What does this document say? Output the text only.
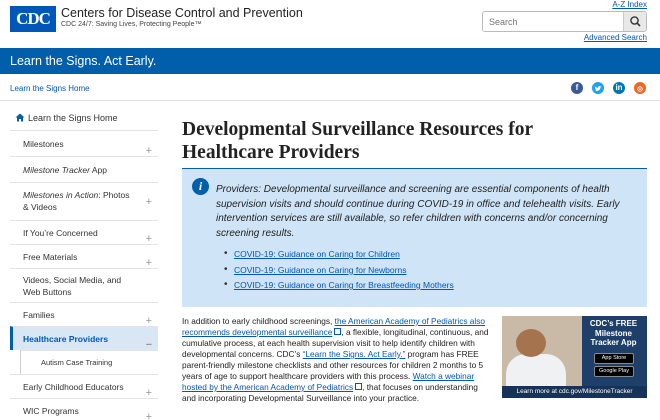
CDC Centers for Disease Control and Prevention
CDC 24/7: Saving Lives, Protecting People™
A-Z Index
Search
Advanced Search
Learn the Signs. Act Early.
Learn the Signs Home	f	in
Learn the Signs Home
Milestones
+
Milestone Tracker App
Milestones in Action: Photos & Videos	+
If You’re Concerned	+
Free Materials	+
Videos, Social Media, and Web Buttons
Families	+
Healthcare Providers	−
Autism Case Training
Early Childhood Educators +
WIC Programs	+
Developmental Surveillance Resources for Healthcare Providers
i	Providers: Developmental surveillance and screening are essential components of health supervision visits and should continue during COVID-19 in office and telehealth visits. Early intervention services are still available, so refer children with concerns and/or concerning screening results.

• COVID-19: Guidance on Caring for Children
• COVID-19: Guidance on Caring for Newborns
• COVID-19: Guidance on Caring for Breastfeeding Mothers

In addition to early childhood screenings, the American Academy of Pediatrics also recommends developmental surveillance , a flexible, longitudinal, continuous, and cumulative process, at each health supervision visit to help identify children with developmental concerns. CDC’s “Learn the Signs. Act Early.” program has FREE parent-friendly milestone checklists and other resources for children 2 months to 5 years of age to support healthcare providers with this process. Watch a webinar hosted by the American Academy of Pediatrics , that focuses on understanding and incorporating Developmental Surveillance into your practice.

CDC’s FREE Milestone Tracker App
App Store
Google Play
Learn more at cdc.gov/MilestoneTracker
